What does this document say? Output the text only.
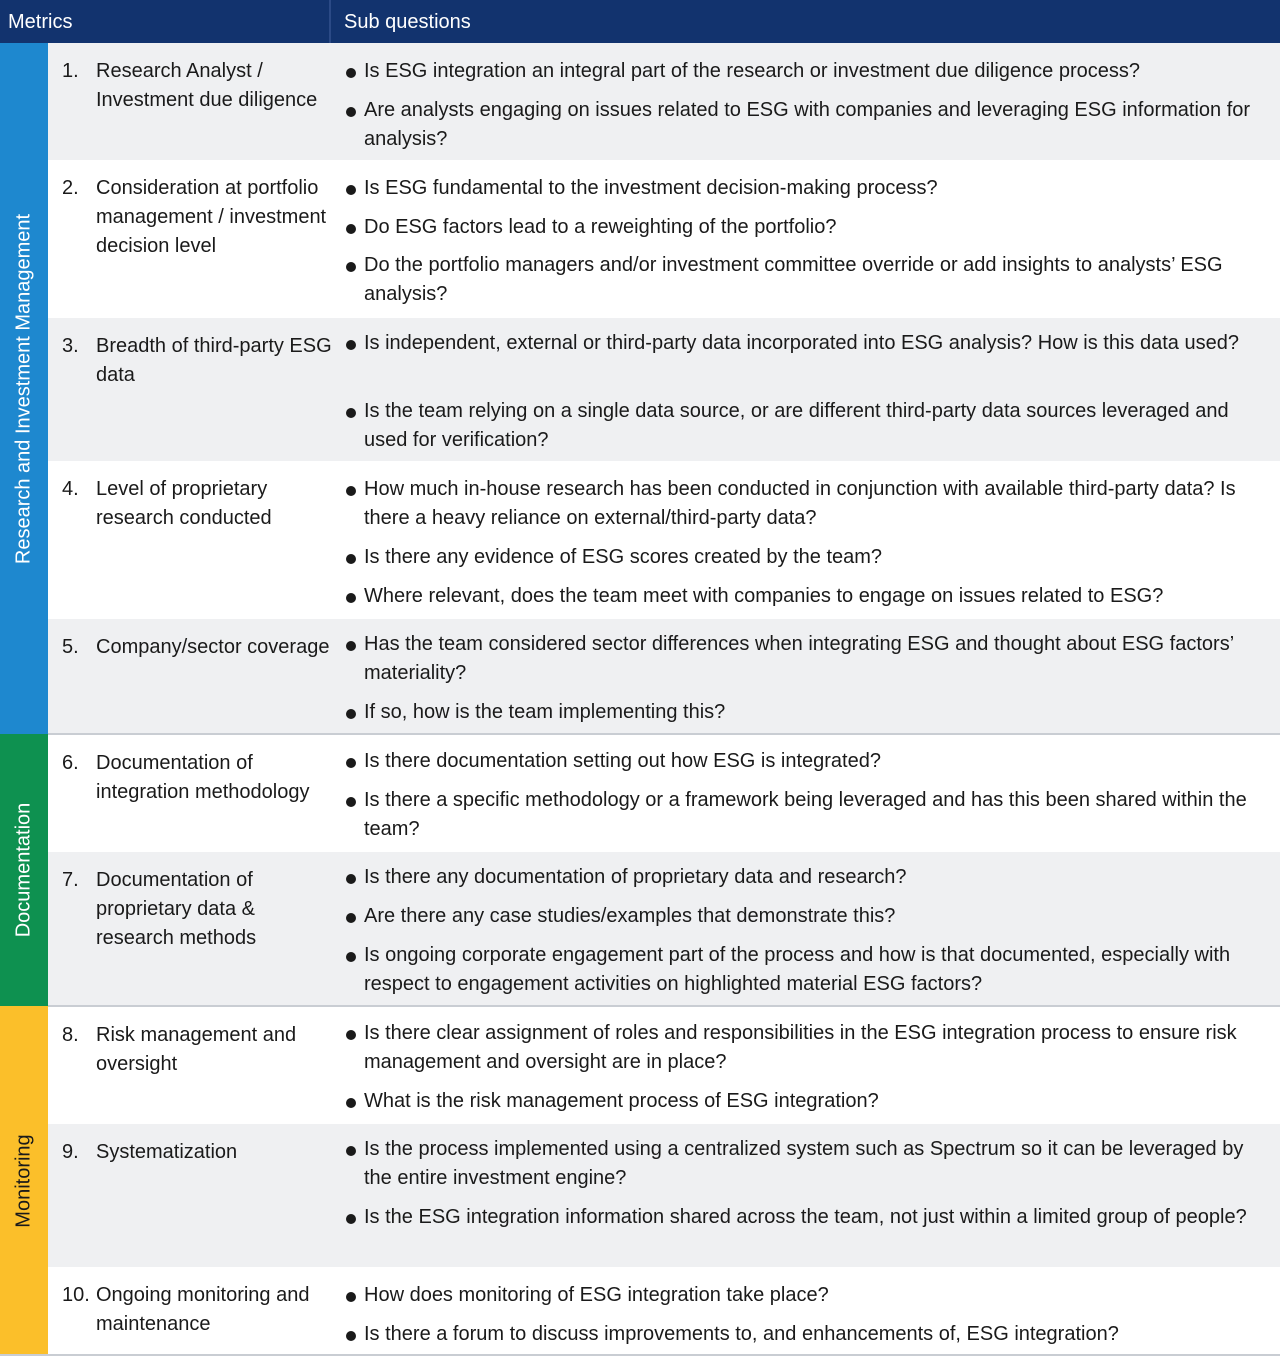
Metrics	Sub questions
Research and Investment Management
Documentation
Monitoring
1. Research Analyst / Investment due diligence
Is ESG integration an integral part of the research or investment due diligence process?
Are analysts engaging on issues related to ESG with companies and leveraging ESG information for analysis?
2. Consideration at portfolio management / investment decision level
Is ESG fundamental to the investment decision-making process?
Do ESG factors lead to a reweighting of the portfolio?
Do the portfolio managers and/or investment committee override or add insights to analysts’ ESG analysis?
3. Breadth of third-party ESG data
Is independent, external or third-party data incorporated into ESG analysis? How is this data used?
Is the team relying on a single data source, or are different third-party data sources leveraged and used for verification?
4. Level of proprietary research conducted
How much in-house research has been conducted in conjunction with available third-party data? Is there a heavy reliance on external/third-party data?
Is there any evidence of ESG scores created by the team?
Where relevant, does the team meet with companies to engage on issues related to ESG?
5. Company/sector coverage Has the team considered sector differences when integrating ESG and thought about ESG factors’ materiality?
If so, how is the team implementing this?
6. Documentation of integration methodology
Is there documentation setting out how ESG is integrated?
Is there a specific methodology or a framework being leveraged and has this been shared within the team?
7. Documentation of proprietary data & research methods
Is there any documentation of proprietary data and research?
Are there any case studies/examples that demonstrate this?
Is ongoing corporate engagement part of the process and how is that documented, especially with respect to engagement activities on highlighted material ESG factors?
8. Risk management and oversight
Is there clear assignment of roles and responsibilities in the ESG integration process to ensure risk management and oversight are in place?
What is the risk management process of ESG integration?
9. Systematization	Is the process implemented using a centralized system such as Spectrum so it can be leveraged by the entire investment engine?
Is the ESG integration information shared across the team, not just within a limited group of people?
10. Ongoing monitoring and maintenance
How does monitoring of ESG integration take place?
Is there a forum to discuss improvements to, and enhancements of, ESG integration?
